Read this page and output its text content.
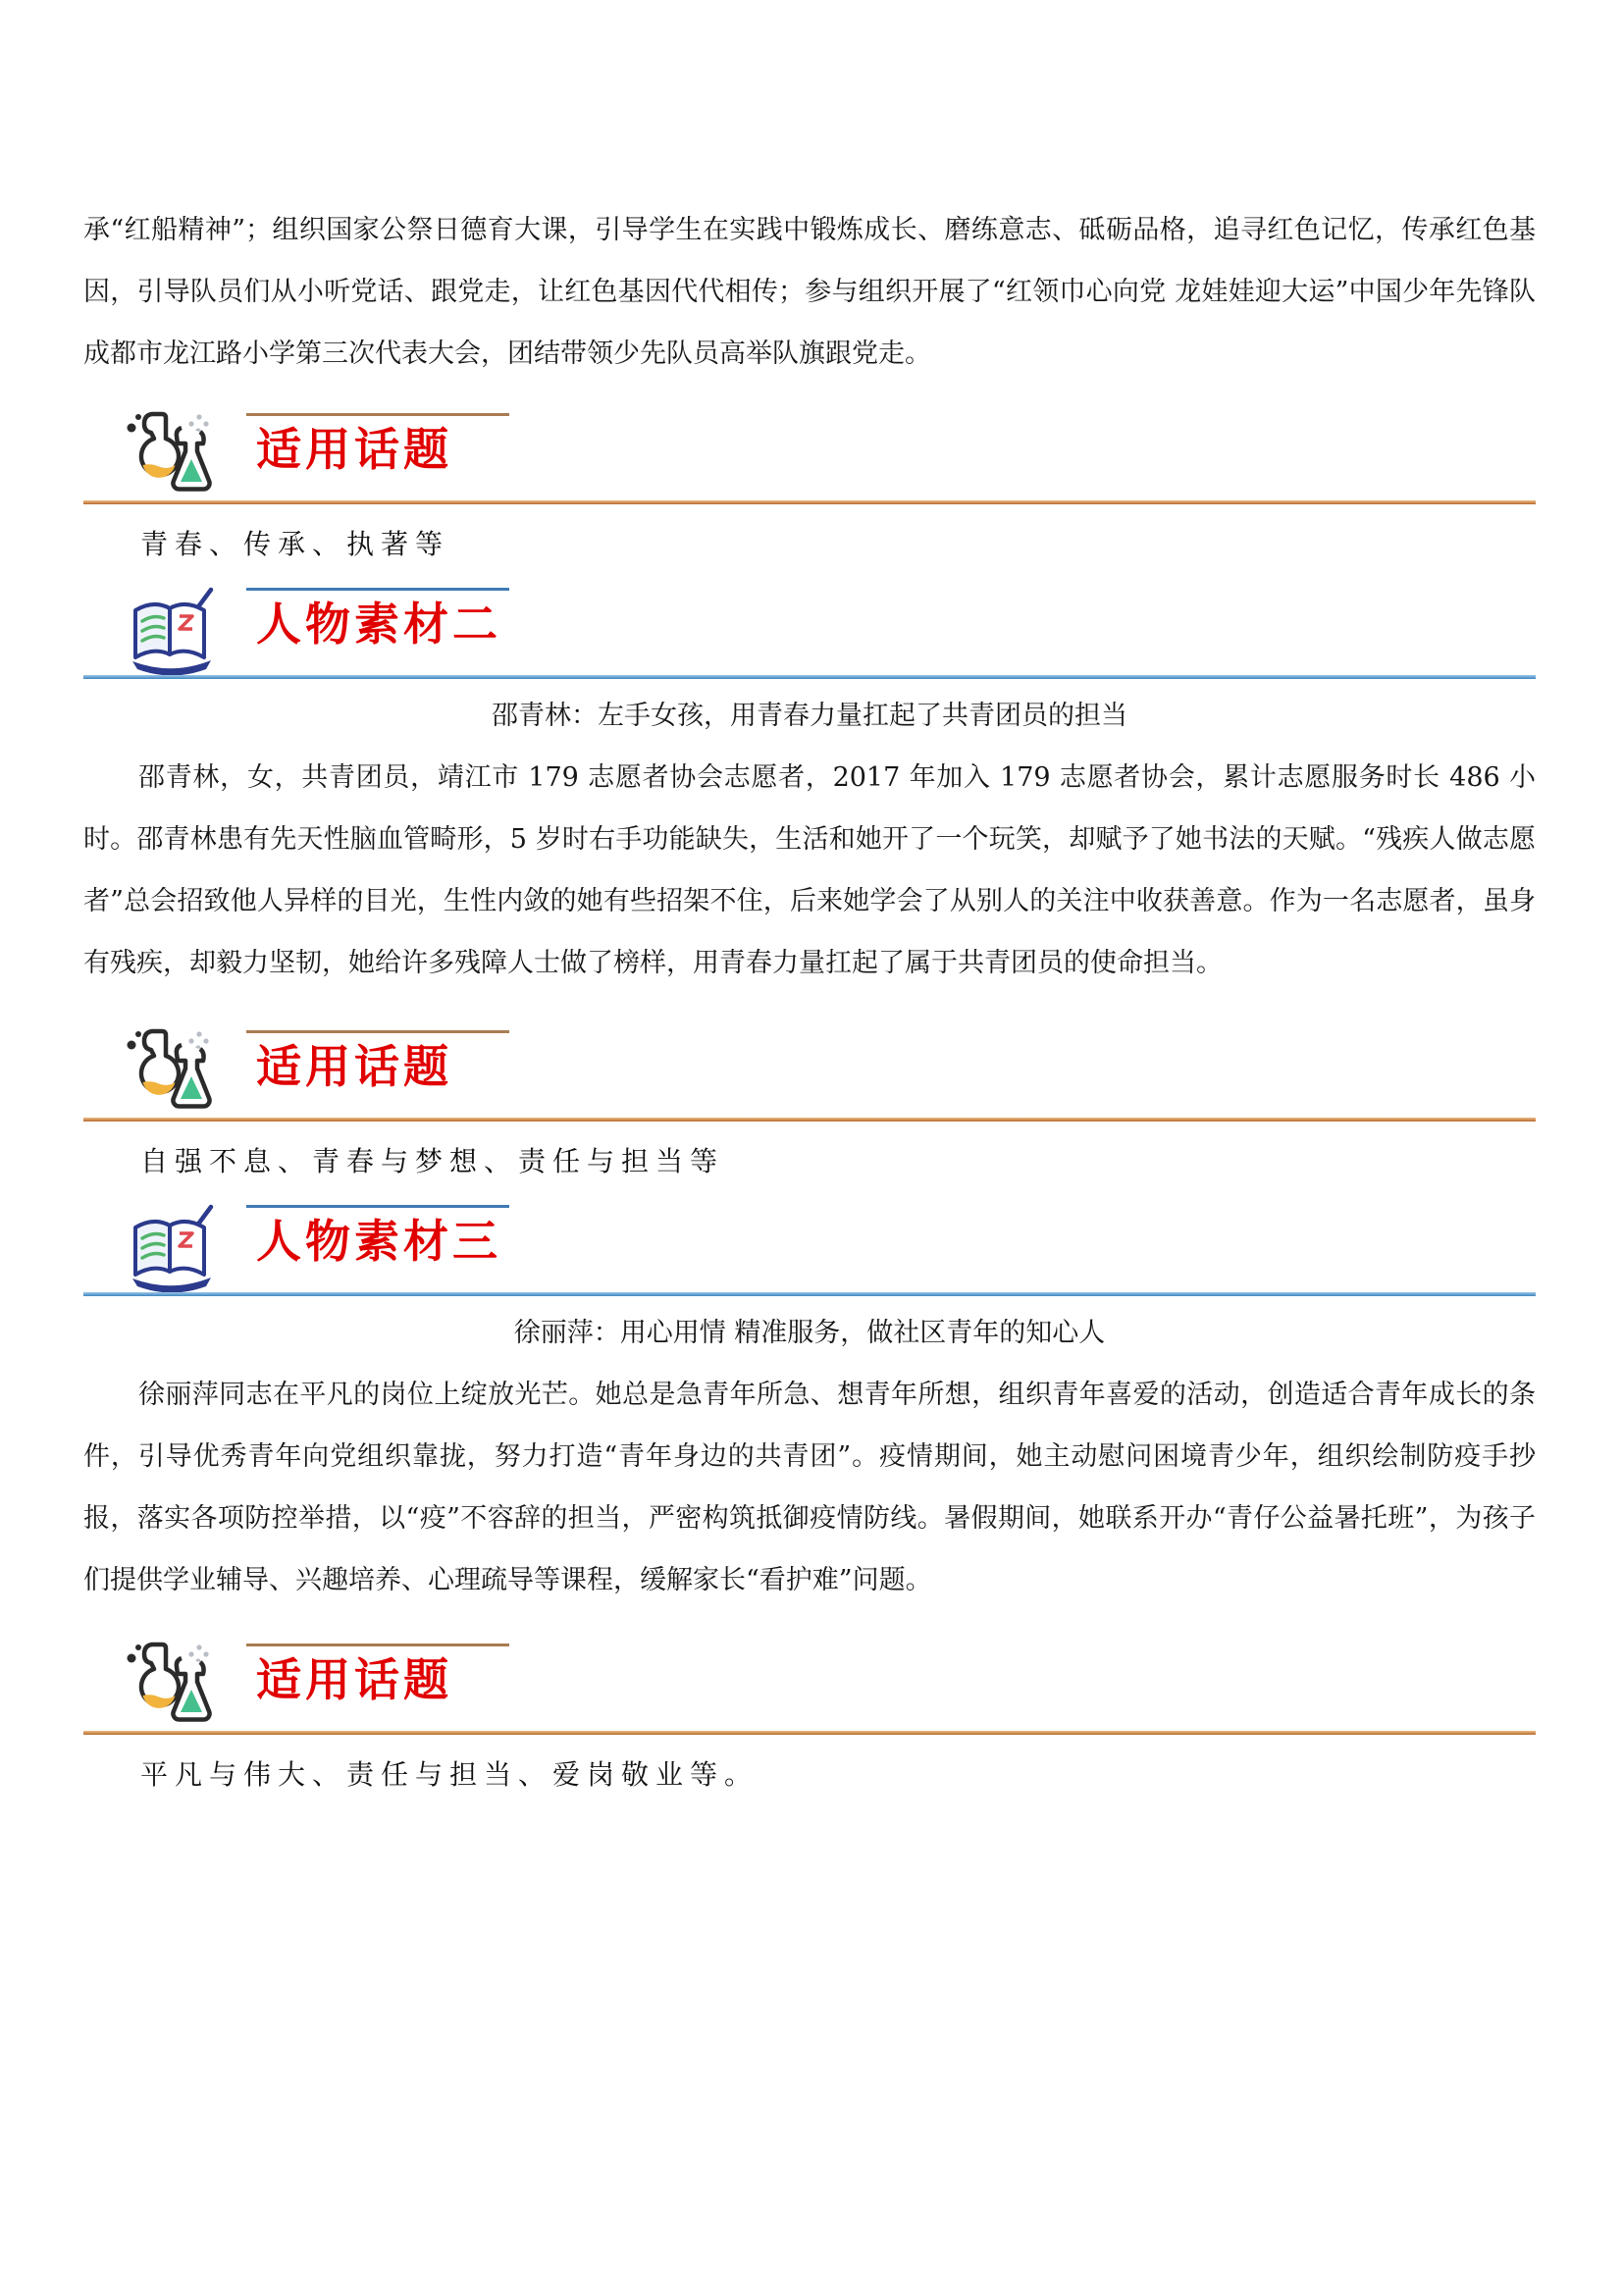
承“红船精神”；组织国家公祭日德育大课，引导学生在实践中锻炼成长、磨练意志、砥砺品格，追寻红色记忆，传承红色基因，引导队员们从小听党话、跟党走，让红色基因代代相传；参与组织开展了“红领巾心向党 龙娃娃迎大运”中国少年先锋队成都市龙江路小学第三次代表大会，团结带领少先队员高举队旗跟党走。

适用话题

青春、传承、执著等

人物素材二

邵青林：左手女孩，用青春力量扛起了共青团员的担当

邵青林，女，共青团员，靖江市 179 志愿者协会志愿者，2017 年加入 179 志愿者协会，累计志愿服务时长 486 小时。邵青林患有先天性脑血管畸形，5 岁时右手功能缺失，生活和她开了一个玩笑，却赋予了她书法的天赋。“残疾人做志愿者”总会招致他人异样的目光，生性内敛的她有些招架不住，后来她学会了从别人的关注中收获善意。作为一名志愿者，虽身有残疾，却毅力坚韧，她给许多残障人士做了榜样，用青春力量扛起了属于共青团员的使命担当。

适用话题

自强不息、青春与梦想、责任与担当等

人物素材三

徐丽萍：用心用情 精准服务，做社区青年的知心人

徐丽萍同志在平凡的岗位上绽放光芒。她总是急青年所急、想青年所想，组织青年喜爱的活动，创造适合青年成长的条件，引导优秀青年向党组织靠拢，努力打造“青年身边的共青团”。疫情期间，她主动慰问困境青少年，组织绘制防疫手抄报，落实各项防控举措，以“疫”不容辞的担当，严密构筑抵御疫情防线。暑假期间，她联系开办“青仔公益暑托班”，为孩子们提供学业辅导、兴趣培养、心理疏导等课程，缓解家长“看护难”问题。

适用话题

平凡与伟大、责任与担当、爱岗敬业等。
